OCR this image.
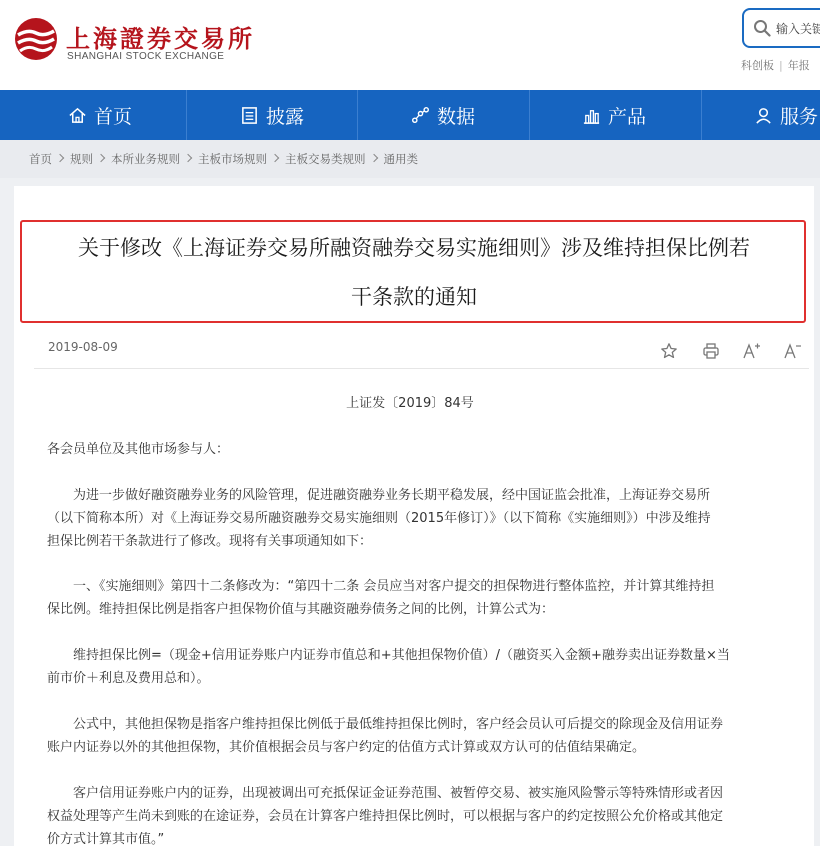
上海證券交易所
SHANGHAI STOCK EXCHANGE
输入关键
科创板 | 年报
首页	披露	数据	产品	服务
首页 规则 本所业务规则 主板市场规则 主板交易类规则 通用类
关于修改《上海证券交易所融资融券交易实施细则》涉及维持担保比例若
干条款的通知
2019-08-09
上证发〔2019〕84号
各会员单位及其他市场参与人：
为进一步做好融资融券业务的风险管理，促进融资融券业务长期平稳发展，经中国证监会批准，上海证券交易所
（以下简称本所）对《上海证券交易所融资融券交易实施细则（2015年修订）》（以下简称《实施细则》）中涉及维持
担保比例若干条款进行了修改。现将有关事项通知如下：
一、《实施细则》第四十二条修改为：“第四十二条 会员应当对客户提交的担保物进行整体监控，并计算其维持担
保比例。维持担保比例是指客户担保物价值与其融资融券债务之间的比例，计算公式为：
维持担保比例=（现金+信用证券账户内证券市值总和+其他担保物价值）/（融资买入金额+融券卖出证券数量×当
前市价＋利息及费用总和）。
公式中，其他担保物是指客户维持担保比例低于最低维持担保比例时，客户经会员认可后提交的除现金及信用证券
账户内证券以外的其他担保物，其价值根据会员与客户约定的估值方式计算或双方认可的估值结果确定。
客户信用证券账户内的证券，出现被调出可充抵保证金证券范围、被暂停交易、被实施风险警示等特殊情形或者因
权益处理等产生尚未到账的在途证券，会员在计算客户维持担保比例时，可以根据与客户的约定按照公允价格或其他定
价方式计算其市值。”
